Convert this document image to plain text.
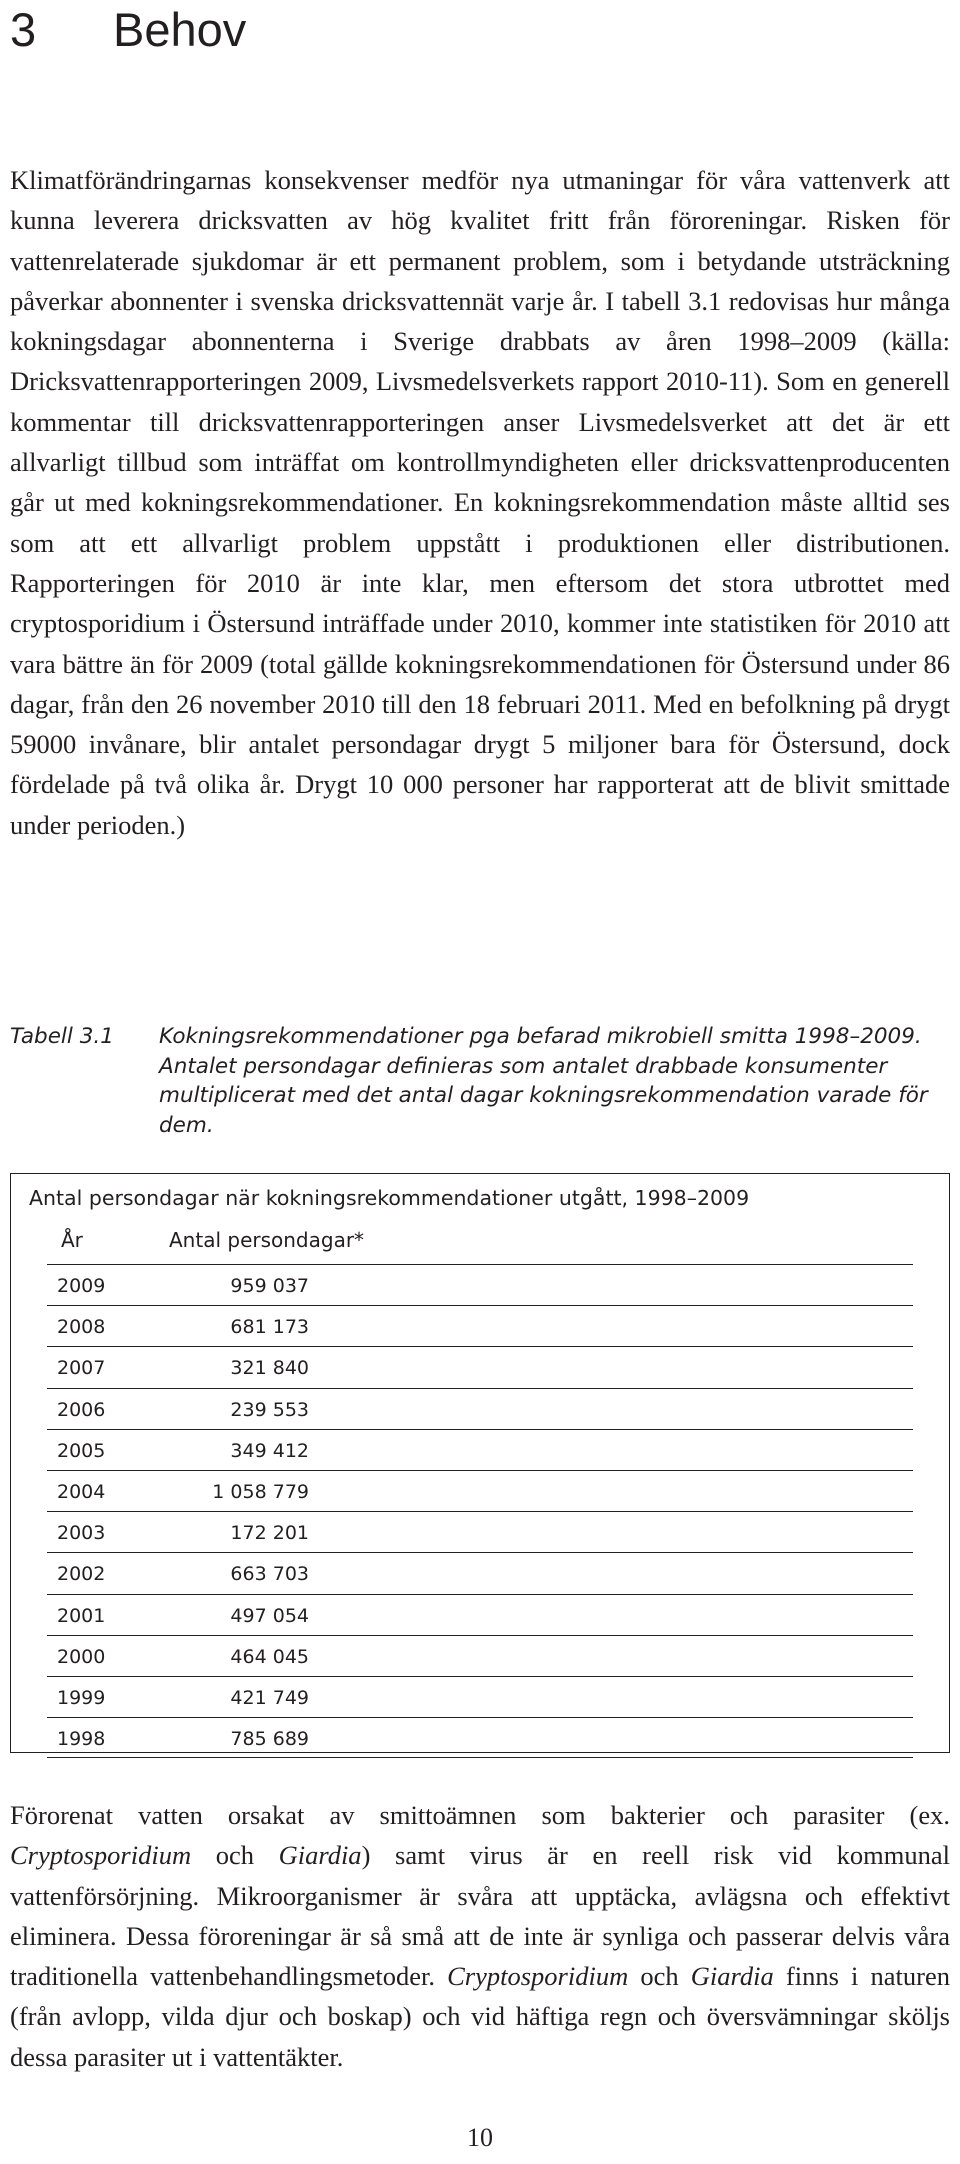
3 Behov

Klimatförändringarnas konsekvenser medför nya utmaningar för våra vattenverk att kunna leverera dricksvatten av hög kvalitet fritt från föroreningar. Risken för vattenrelaterade sjukdomar är ett permanent problem, som i betydande utsträckning påverkar abonnenter i svenska dricksvattennät varje år. I tabell 3.1 redovisas hur många kokningsdagar abonnenterna i Sverige drabbats av åren 1998–2009 (källa: Dricksvattenrapporteringen 2009, Livsmedelsverkets rapport 2010-11). Som en generell kommentar till dricksvattenrapporteringen anser Livsmedelsverket att det är ett allvarligt tillbud som inträffat om kontrollmyndigheten eller dricksvattenproducenten går ut med kokningsrekommendationer. En kokningsrekommendation måste alltid ses som att ett allvarligt problem uppstått i produktionen eller distributionen. Rapporteringen för 2010 är inte klar, men eftersom det stora utbrottet med cryptosporidium i Östersund inträffade under 2010, kommer inte statistiken för 2010 att vara bättre än för 2009 (total gällde kokningsrekommendationen för Östersund under 86 dagar, från den 26 november 2010 till den 18 februari 2011. Med en befolkning på drygt 59000 invånare, blir antalet persondagar drygt 5 miljoner bara för Östersund, dock fördelade på två olika år. Drygt 10 000 personer har rapporterat att de blivit smittade under perioden.)

Tabell 3.1 Kokningsrekommendationer pga befarad mikrobiell smitta 1998–2009. Antalet persondagar definieras som antalet drabbade konsumenter multiplicerat med det antal dagar kokningsrekommendation varade för dem.
Antal persondagar när kokningsrekommendationer utgått, 1998–2009
År	Antal persondagar*
2009	959 037
2008	681 173
2007	321 840
2006	239 553
2005	349 412
2004	1 058 779
2003	172 201
2002	663 703
2001	497 054
2000	464 045
1999	421 749
1998	785 689

Förorenat vatten orsakat av smittoämnen som bakterier och parasiter (ex. Cryptosporidium och Giardia) samt virus är en reell risk vid kommunal vattenförsörjning. Mikroorganismer är svåra att upptäcka, avlägsna och effektivt eliminera. Dessa föroreningar är så små att de inte är synliga och passerar delvis våra traditionella vattenbehandlingsmetoder. Cryptosporidium och Giardia finns i naturen (från avlopp, vilda djur och boskap) och vid häftiga regn och översvämningar sköljs dessa parasiter ut i vattentäkter.

10
